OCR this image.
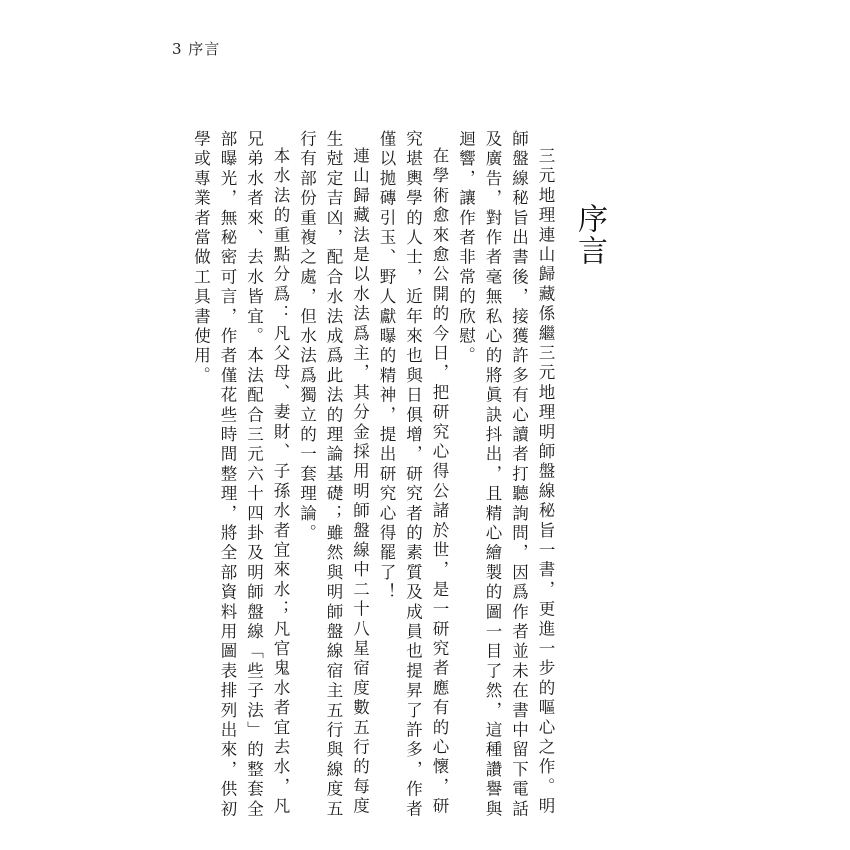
3 序言
序言

三元地理連山歸藏係繼三元地理明師盤線秘旨一書，更進一步的嘔心之作。明師盤線秘旨出書後，接獲許多有心讀者打聽詢問，因爲作者並未在書中留下電話及廣告，對作者毫無私心的將眞訣抖出，且精心繪製的圖一目了然，這種讚譽與迴響，讓作者非常的欣慰。

在學術愈來愈公開的今日，把研究心得公諸於世，是一研究者應有的心懷，研究堪輿學的人士，近年來也與日俱增，研究者的素質及成員也提昇了許多，作者僅以拋磚引玉、野人獻曝的精神，提出研究心得罷了！

連山歸藏法是以水法爲主，其分金採用明師盤線中二十八星宿度數五行的每度生尅定吉凶，配合水法成爲此法的理論基礎；雖然與明師盤線宿主五行與線度五行有部份重複之處，但水法爲獨立的一套理論。

本水法的重點分爲：凡父母、妻財、子孫水者宜來水；凡官鬼水者宜去水，凡兄弟水者來、去水皆宜。本法配合三元六十四卦及明師盤線「些子法」的整套全部曝光，無秘密可言，作者僅花些時間整理，將全部資料用圖表排列出來，供初學或專業者當做工具書使用。
